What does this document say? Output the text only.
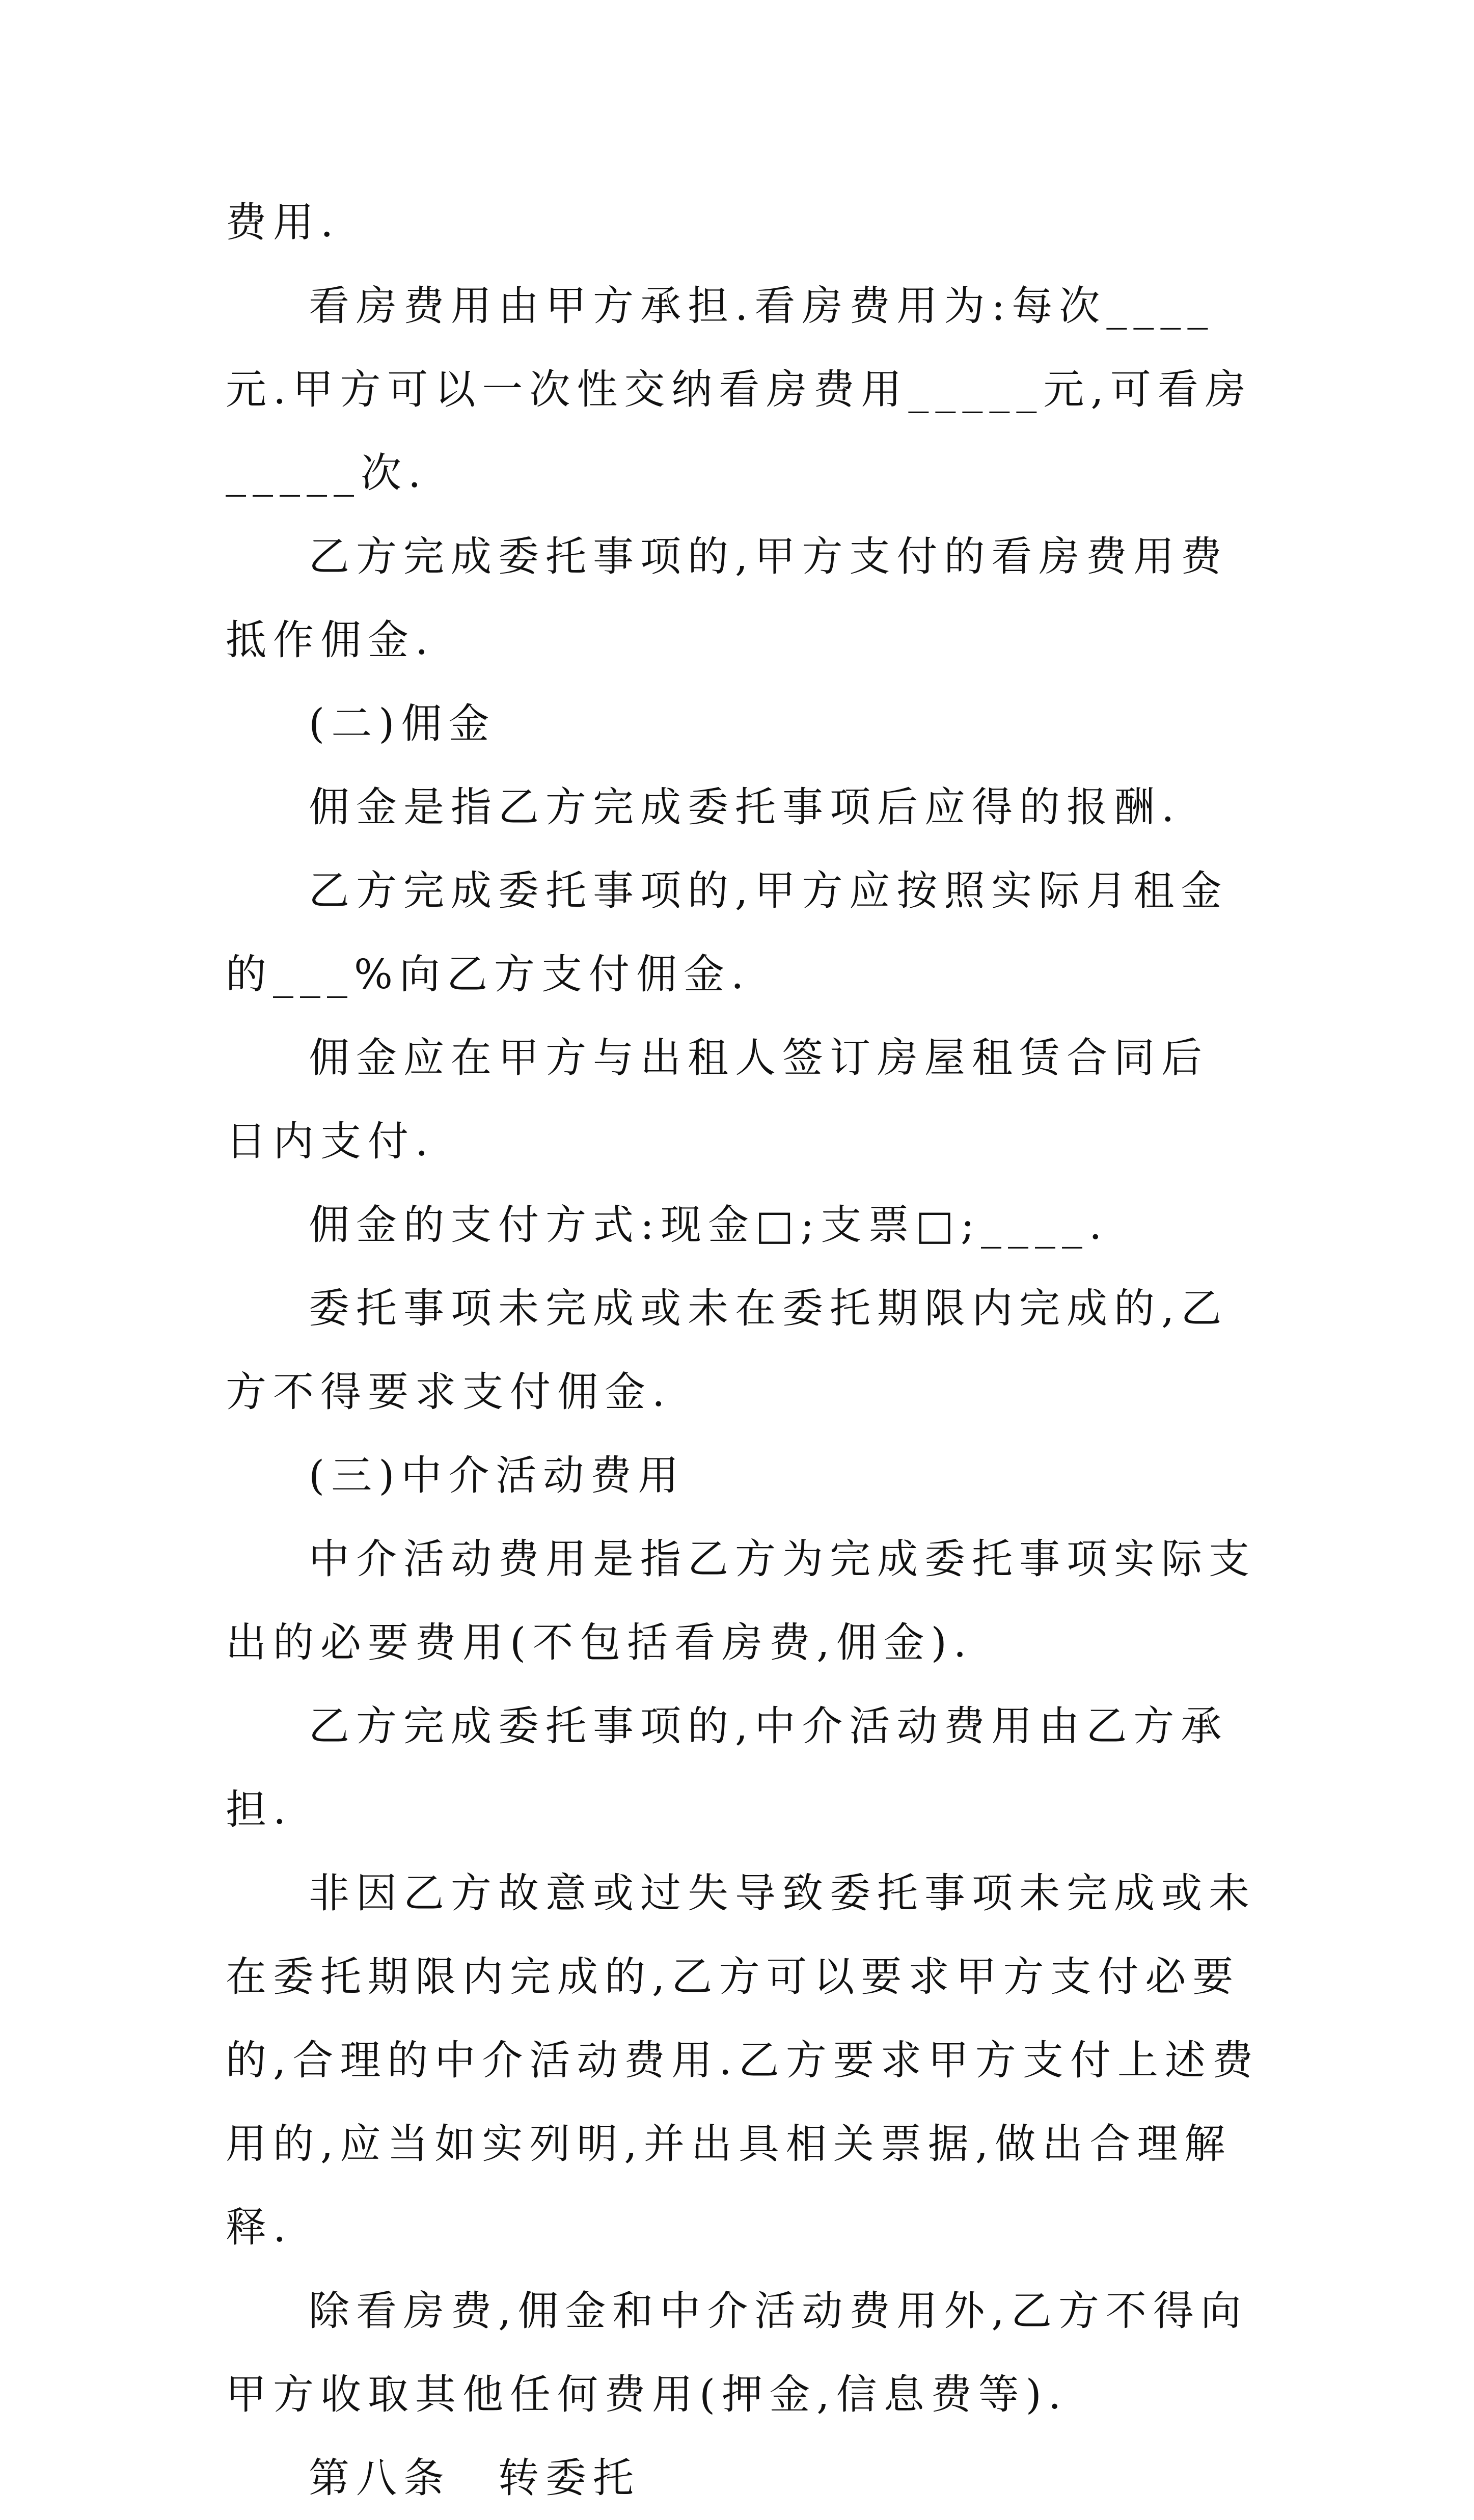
费用.

看房费用由甲方承担.看房费用为:每次____元.甲方可以一次性交纳看房费用_____元,可看房_____次.

乙方完成委托事项的,甲方支付的看房费用费抵作佣金.

(二)佣金

佣金是指乙方完成委托事项后应得的报酬.

乙方完成委托事项的,甲方应按照实际月租金的___%向乙方支付佣金.

佣金应在甲方与出租人签订房屋租赁合同后　日内支付.

佣金的支付方式:现金□;支票□;____.

委托事项未完成或未在委托期限内完成的,乙方不得要求支付佣金.

(三)中介活动费用

中介活动费用是指乙方为完成委托事项实际支出的必要费用(不包括看房费,佣金).

乙方完成委托事项的,中介活动费用由乙方承担.

非因乙方故意或过失导致委托事项未完成或未在委托期限内完成的,乙方可以要求甲方支付必要的,合理的中介活动费用.乙方要求甲方支付上述费用的,应当如实列明,并出具相关票据,做出合理解释.

除看房费,佣金和中介活动费用外,乙方不得向甲方收取其他任何费用(押金,信息费等).

第八条　转委托
